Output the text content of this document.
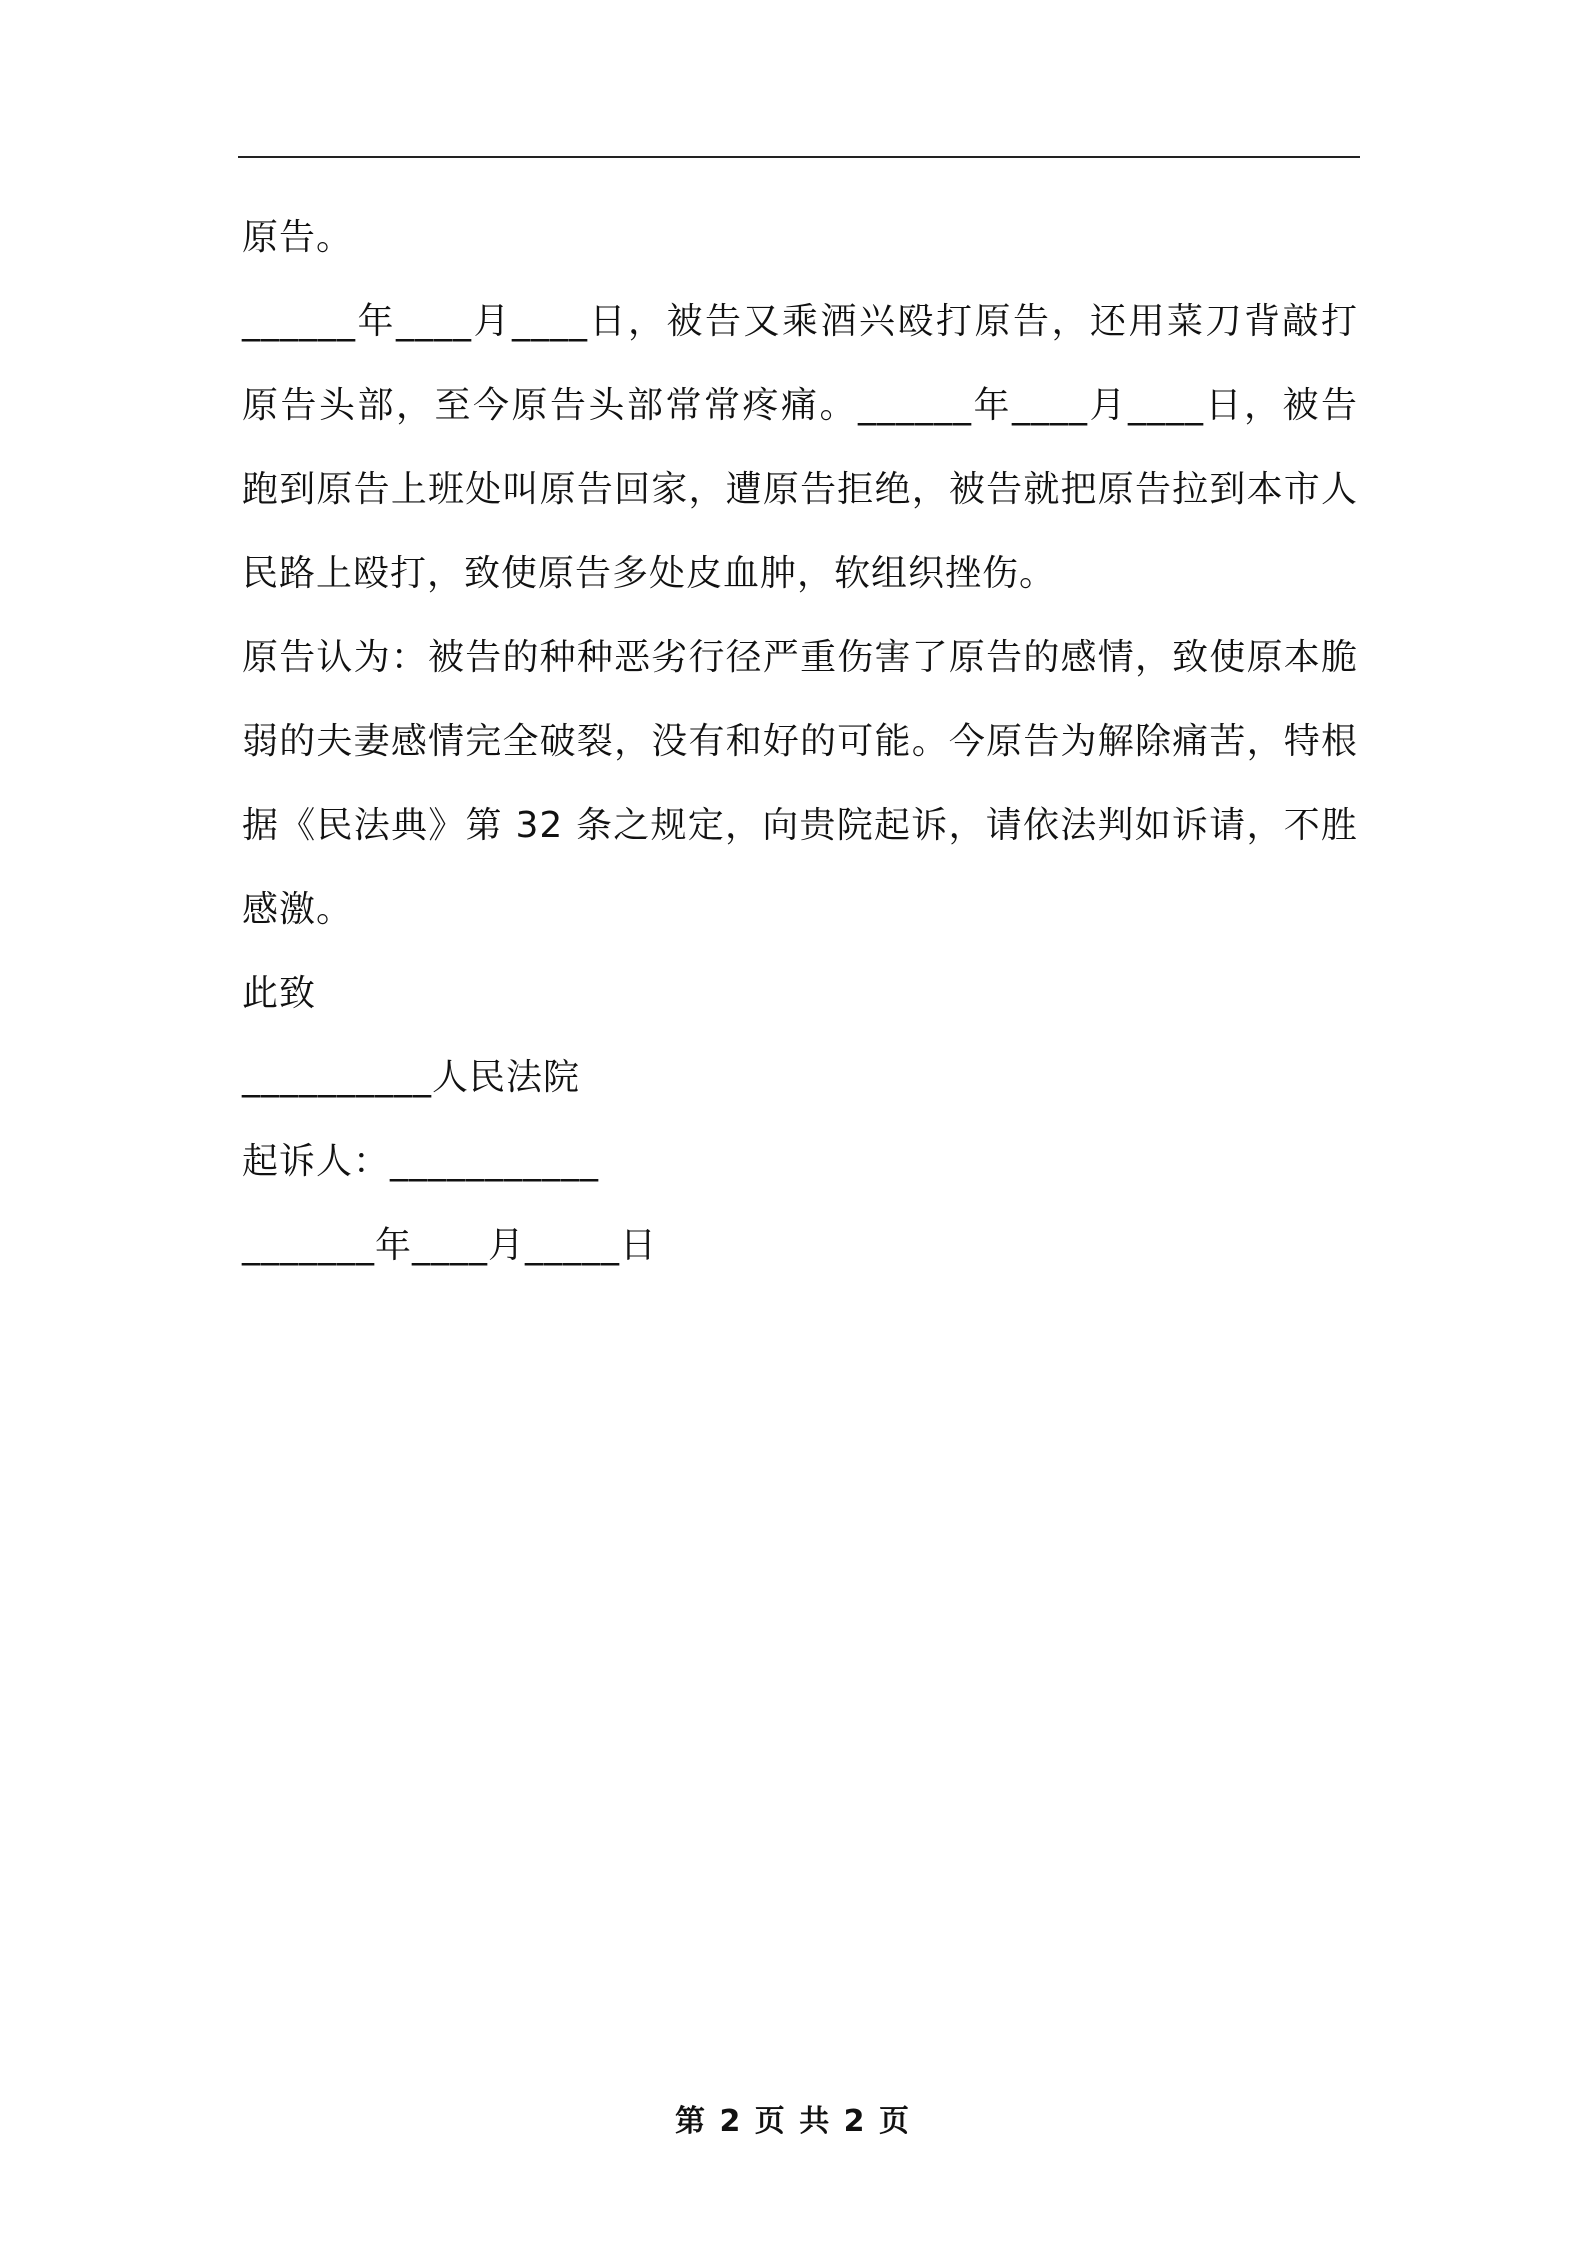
原告。

______年____月____日，被告又乘酒兴殴打原告，还用菜刀背敲打原告头部，至今原告头部常常疼痛。______年____月____日，被告跑到原告上班处叫原告回家，遭原告拒绝，被告就把原告拉到本市人民路上殴打，致使原告多处皮血肿，软组织挫伤。

原告认为：被告的种种恶劣行径严重伤害了原告的感情，致使原本脆弱的夫妻感情完全破裂，没有和好的可能。今原告为解除痛苦，特根据《民法典》第 32 条之规定，向贵院起诉，请依法判如诉请，不胜感激。

此致

__________人民法院

起诉人：___________

_______年____月_____日

第 2 页 共 2 页
